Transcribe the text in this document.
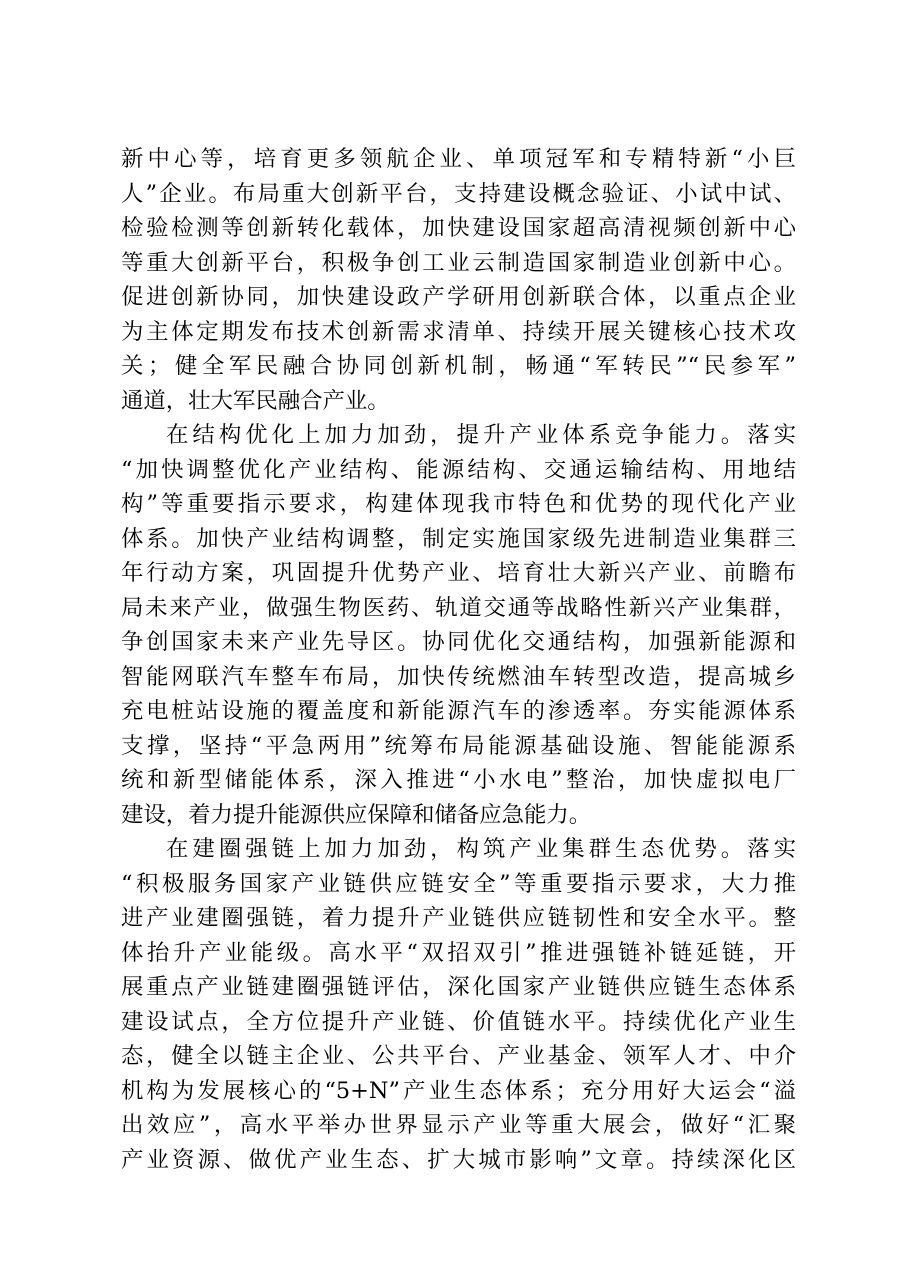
新中心等，培育更多领航企业、单项冠军和专精特新“小巨
人”企业。布局重大创新平台，支持建设概念验证、小试中试、
检验检测等创新转化载体，加快建设国家超高清视频创新中心
等重大创新平台，积极争创工业云制造国家制造业创新中心。
促进创新协同，加快建设政产学研用创新联合体，以重点企业
为主体定期发布技术创新需求清单、持续开展关键核心技术攻
关；健全军民融合协同创新机制，畅通“军转民”“民参军”
通道，壮大军民融合产业。
在结构优化上加力加劲，提升产业体系竞争能力。落实
“加快调整优化产业结构、能源结构、交通运输结构、用地结
构”等重要指示要求，构建体现我市特色和优势的现代化产业
体系。加快产业结构调整，制定实施国家级先进制造业集群三
年行动方案，巩固提升优势产业、培育壮大新兴产业、前瞻布
局未来产业，做强生物医药、轨道交通等战略性新兴产业集群，
争创国家未来产业先导区。协同优化交通结构，加强新能源和
智能网联汽车整车布局，加快传统燃油车转型改造，提高城乡
充电桩站设施的覆盖度和新能源汽车的渗透率。夯实能源体系
支撑，坚持“平急两用”统筹布局能源基础设施、智能能源系
统和新型储能体系，深入推进“小水电”整治，加快虚拟电厂
建设，着力提升能源供应保障和储备应急能力。
在建圈强链上加力加劲，构筑产业集群生态优势。落实
“积极服务国家产业链供应链安全”等重要指示要求，大力推
进产业建圈强链，着力提升产业链供应链韧性和安全水平。整
体抬升产业能级。高水平“双招双引”推进强链补链延链，开
展重点产业链建圈强链评估，深化国家产业链供应链生态体系
建设试点，全方位提升产业链、价值链水平。持续优化产业生
态，健全以链主企业、公共平台、产业基金、领军人才、中介
机构为发展核心的“5+N”产业生态体系；充分用好大运会“溢
出效应”，高水平举办世界显示产业等重大展会，做好“汇聚
产业资源、做优产业生态、扩大城市影响”文章。持续深化区
